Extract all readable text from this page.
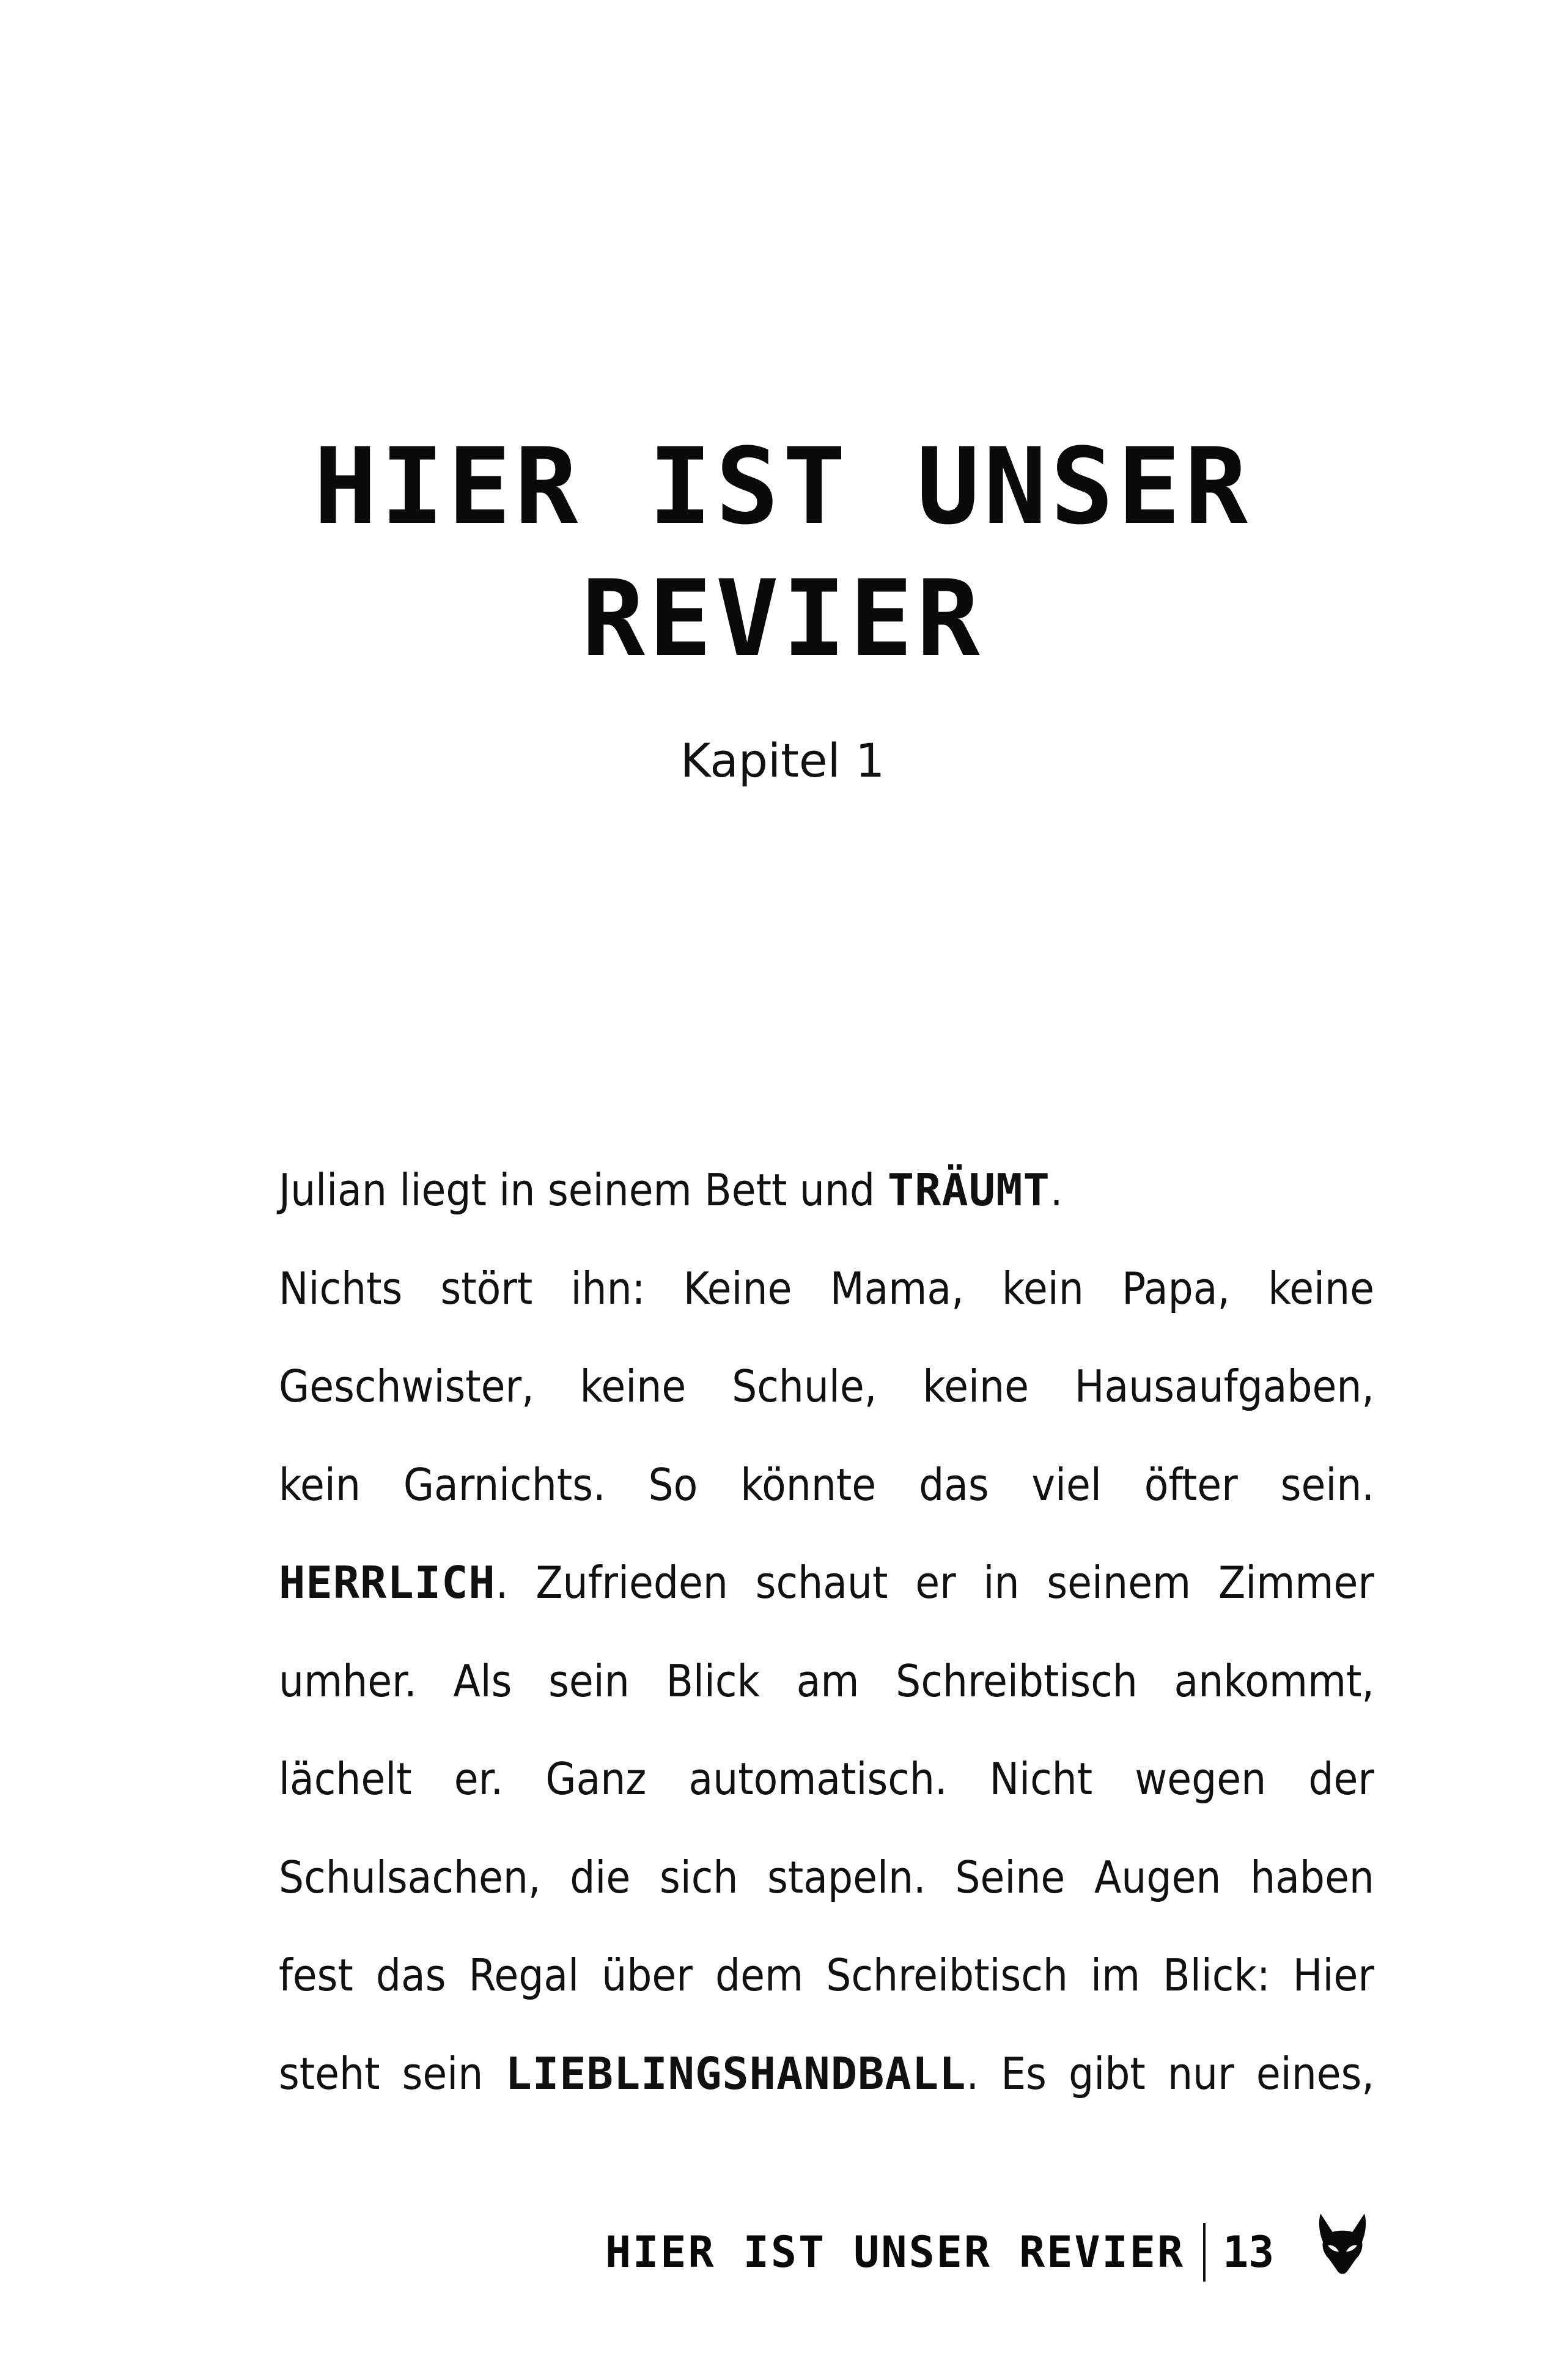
HIER IST UNSER
REVIER
Kapitel 1
Julian liegt in seinem Bett und TRÄUMT.
Nichts stört ihn: Keine Mama, kein Papa, keine
Geschwister, keine Schule, keine Hausaufgaben,
kein Garnichts. So könnte das viel öfter sein.
HERRLICH. Zufrieden schaut er in seinem Zimmer
umher. Als sein Blick am Schreibtisch ankommt,
lächelt er. Ganz automatisch. Nicht wegen der
Schulsachen, die sich stapeln. Seine Augen haben
fest das Regal über dem Schreibtisch im Blick: Hier
steht sein LIEBLINGSHANDBALL. Es gibt nur eines,
HIER IST UNSER REVIER 13
